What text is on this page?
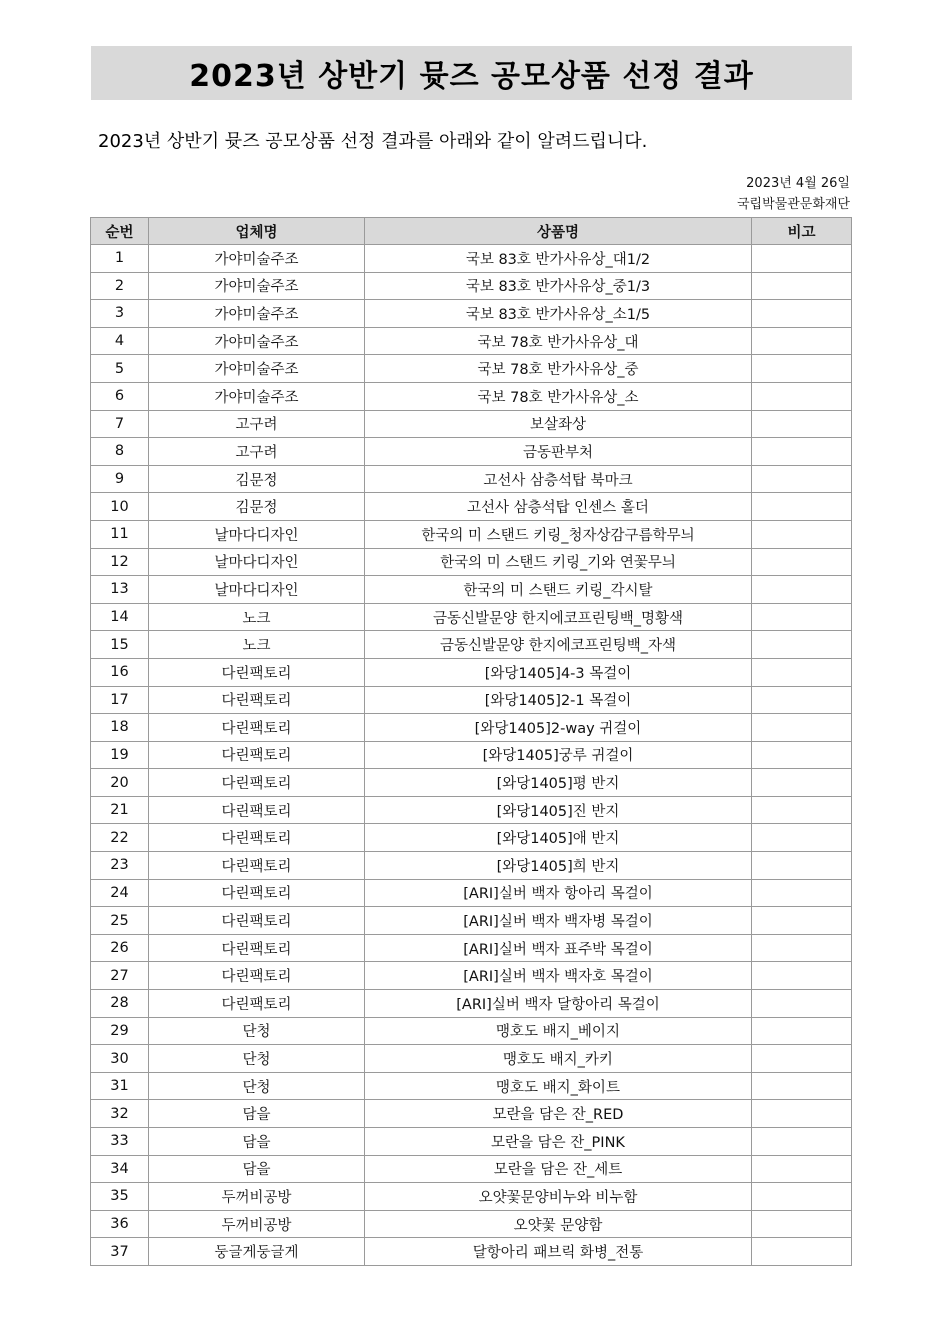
2023년 상반기 뮷즈 공모상품 선정 결과
2023년 상반기 뮷즈 공모상품 선정 결과를 아래와 같이 알려드립니다.
2023년 4월 26일
국립박물관문화재단
순번	업체명	상품명	비고
1	가야미술주조	국보 83호 반가사유상_대1/2	
2	가야미술주조	국보 83호 반가사유상_중1/3	
3	가야미술주조	국보 83호 반가사유상_소1/5	
4	가야미술주조	국보 78호 반가사유상_대	
5	가야미술주조	국보 78호 반가사유상_중	
6	가야미술주조	국보 78호 반가사유상_소	
7	고구려	보살좌상	
8	고구려	금동판부처	
9	김문정	고선사 삼층석탑 북마크	
10	김문정	고선사 삼층석탑 인센스 홀더	
11	날마다디자인	한국의 미 스탠드 키링_청자상감구름학무늬	
12	날마다디자인	한국의 미 스탠드 키링_기와 연꽃무늬	
13	날마다디자인	한국의 미 스탠드 키링_각시탈	
14	노크	금동신발문양 한지에코프린팅백_명황색	
15	노크	금동신발문양 한지에코프린팅백_자색	
16	다린팩토리	[와당1405]4-3 목걸이	
17	다린팩토리	[와당1405]2-1 목걸이	
18	다린팩토리	[와당1405]2-way 귀걸이	
19	다린팩토리	[와당1405]궁루 귀걸이	
20	다린팩토리	[와당1405]평 반지	
21	다린팩토리	[와당1405]진 반지	
22	다린팩토리	[와당1405]애 반지	
23	다린팩토리	[와당1405]희 반지	
24	다린팩토리	[ARI]실버 백자 항아리 목걸이	
25	다린팩토리	[ARI]실버 백자 백자병 목걸이	
26	다린팩토리	[ARI]실버 백자 표주박 목걸이	
27	다린팩토리	[ARI]실버 백자 백자호 목걸이	
28	다린팩토리	[ARI]실버 백자 달항아리 목걸이	
29	단청	맹호도 배지_베이지	
30	단청	맹호도 배지_카키	
31	단청	맹호도 배지_화이트	
32	담을	모란을 담은 잔_RED	
33	담을	모란을 담은 잔_PINK	
34	담을	모란을 담은 잔_세트	
35	두꺼비공방	오얏꽃문양비누와 비누함	
36	두꺼비공방	오얏꽃 문양함	
37	둥글게둥글게	달항아리 패브릭 화병_전통	
